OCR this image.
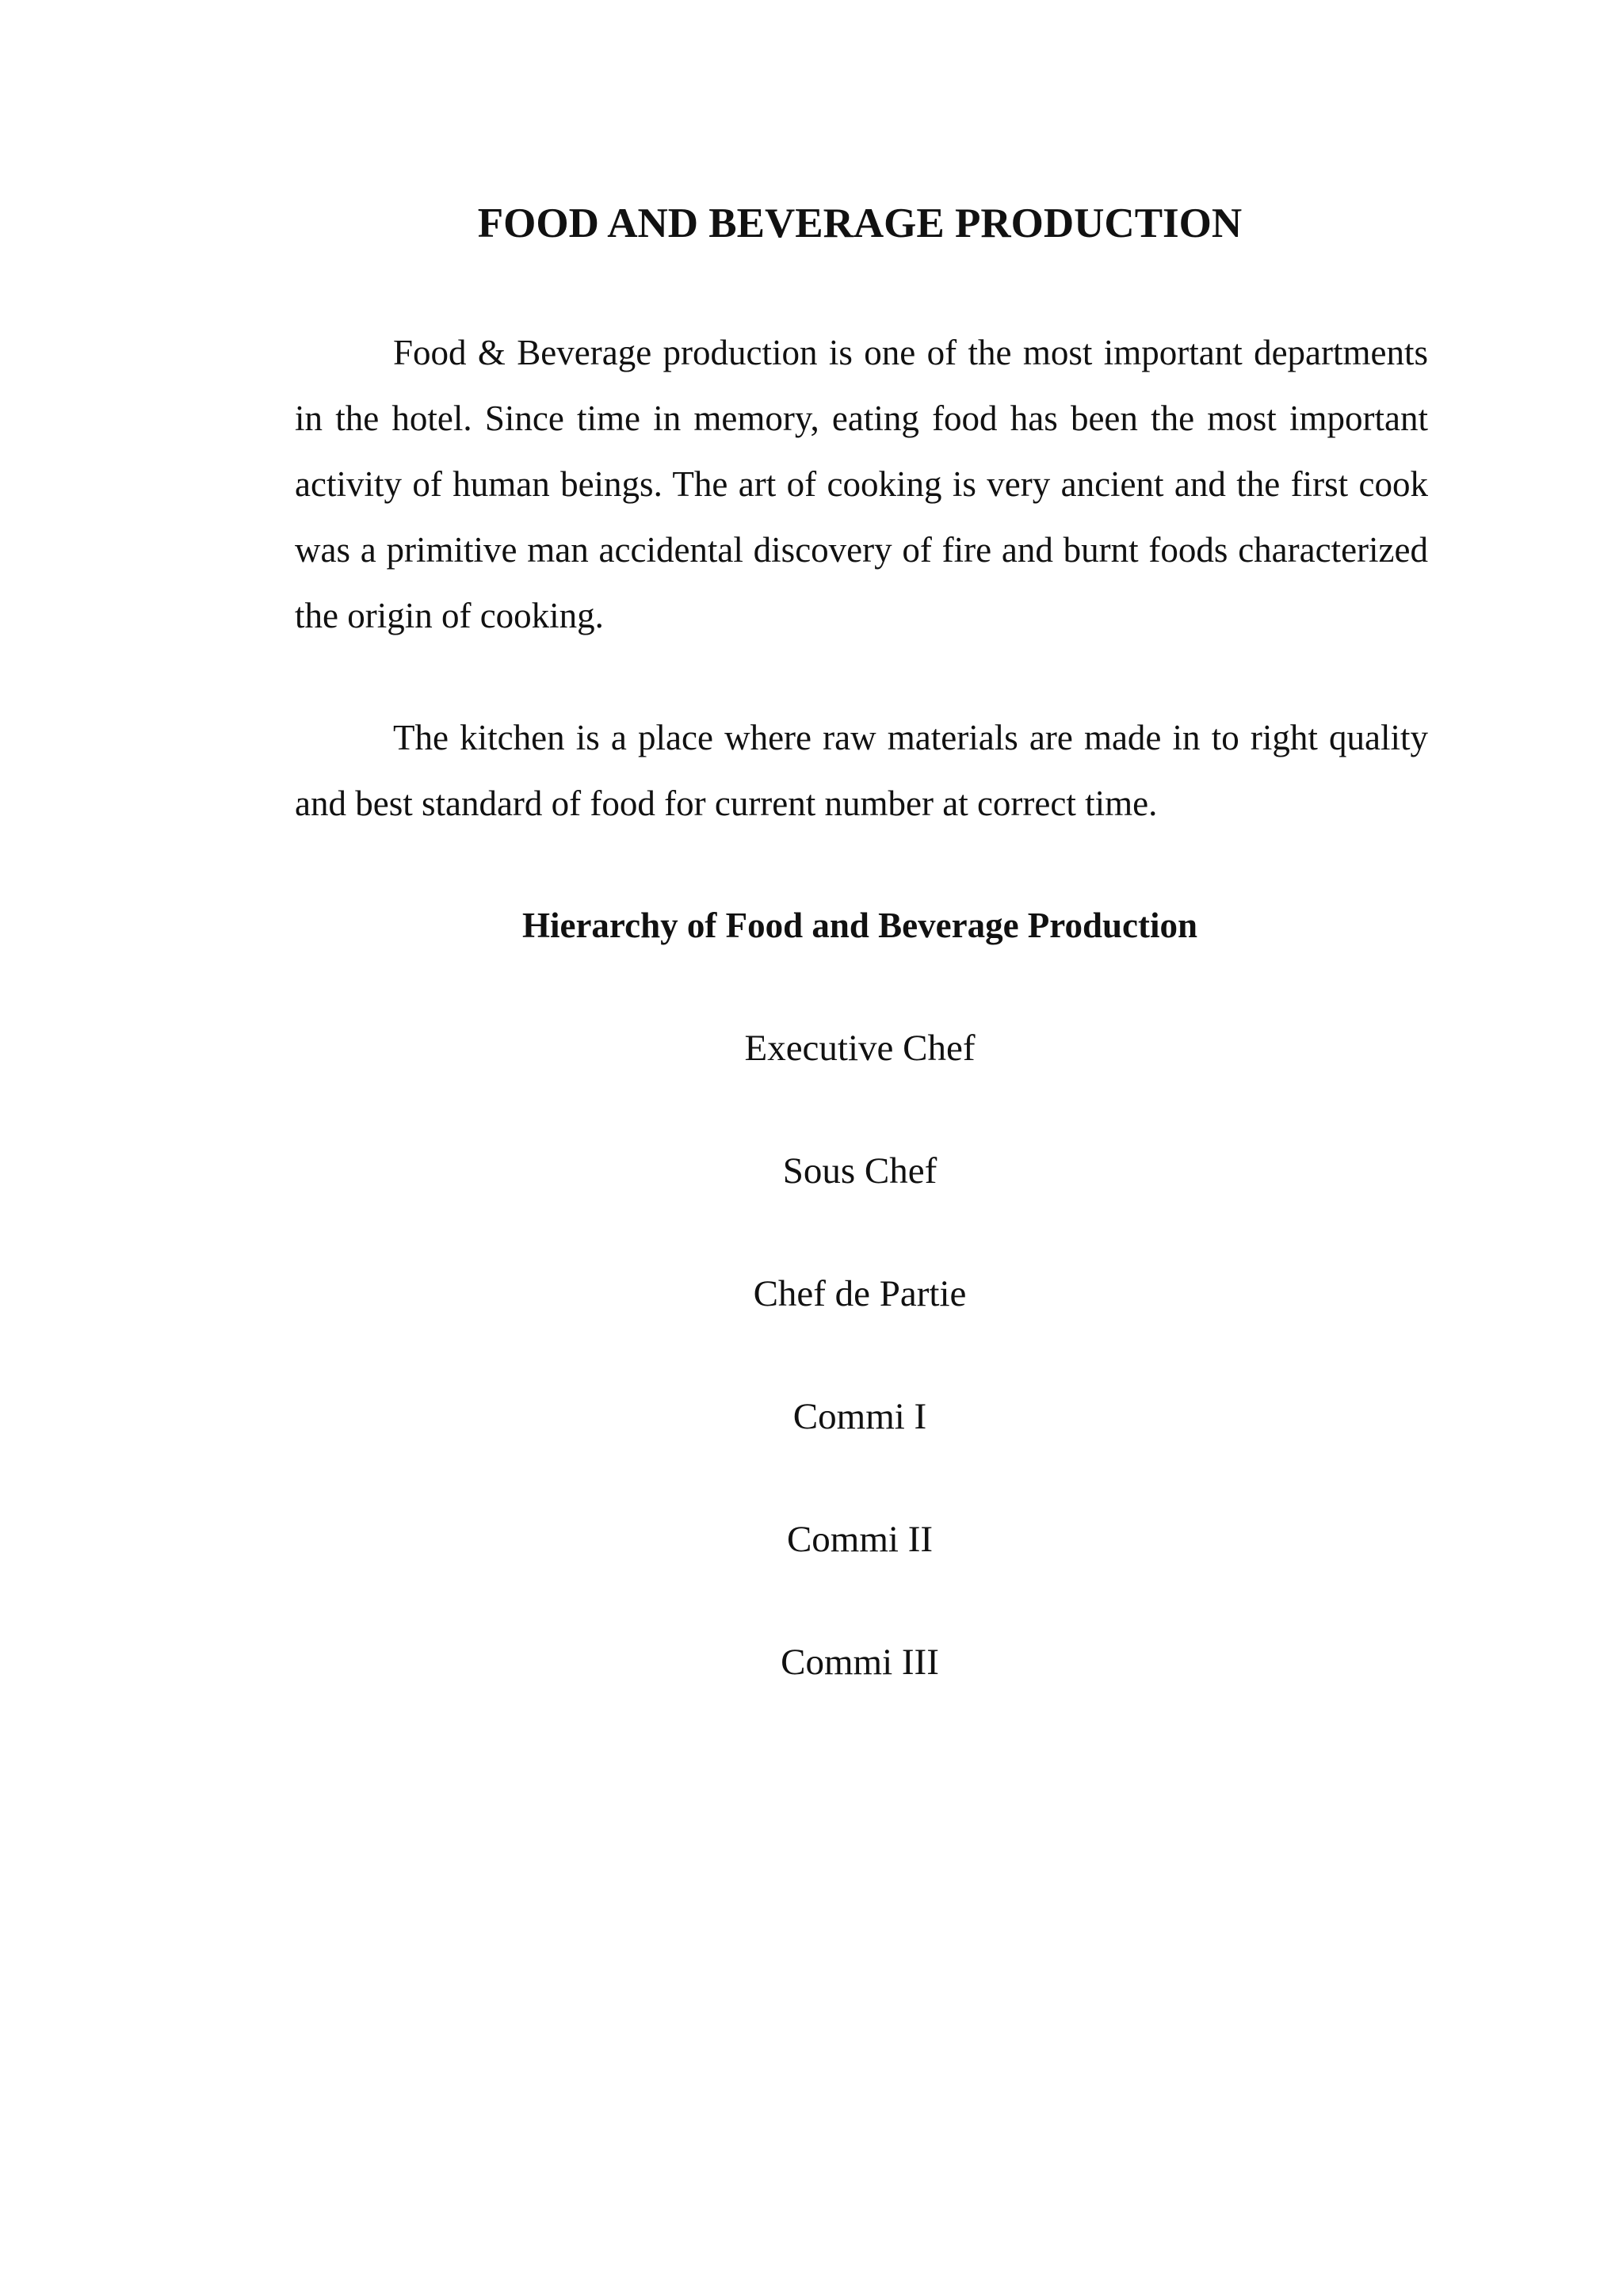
FOOD AND BEVERAGE PRODUCTION

Food & Beverage production is one of the most important departments in the hotel. Since time in memory, eating food has been the most important activity of human beings. The art of cooking is very ancient and the first cook was a primitive man accidental discovery of fire and burnt foods characterized the origin of cooking.

The kitchen is a place where raw materials are made in to right quality and best standard of food for current number at correct time.

Hierarchy of Food and Beverage Production
Executive Chef
Sous Chef
Chef de Partie
Commi I
Commi II
Commi III
